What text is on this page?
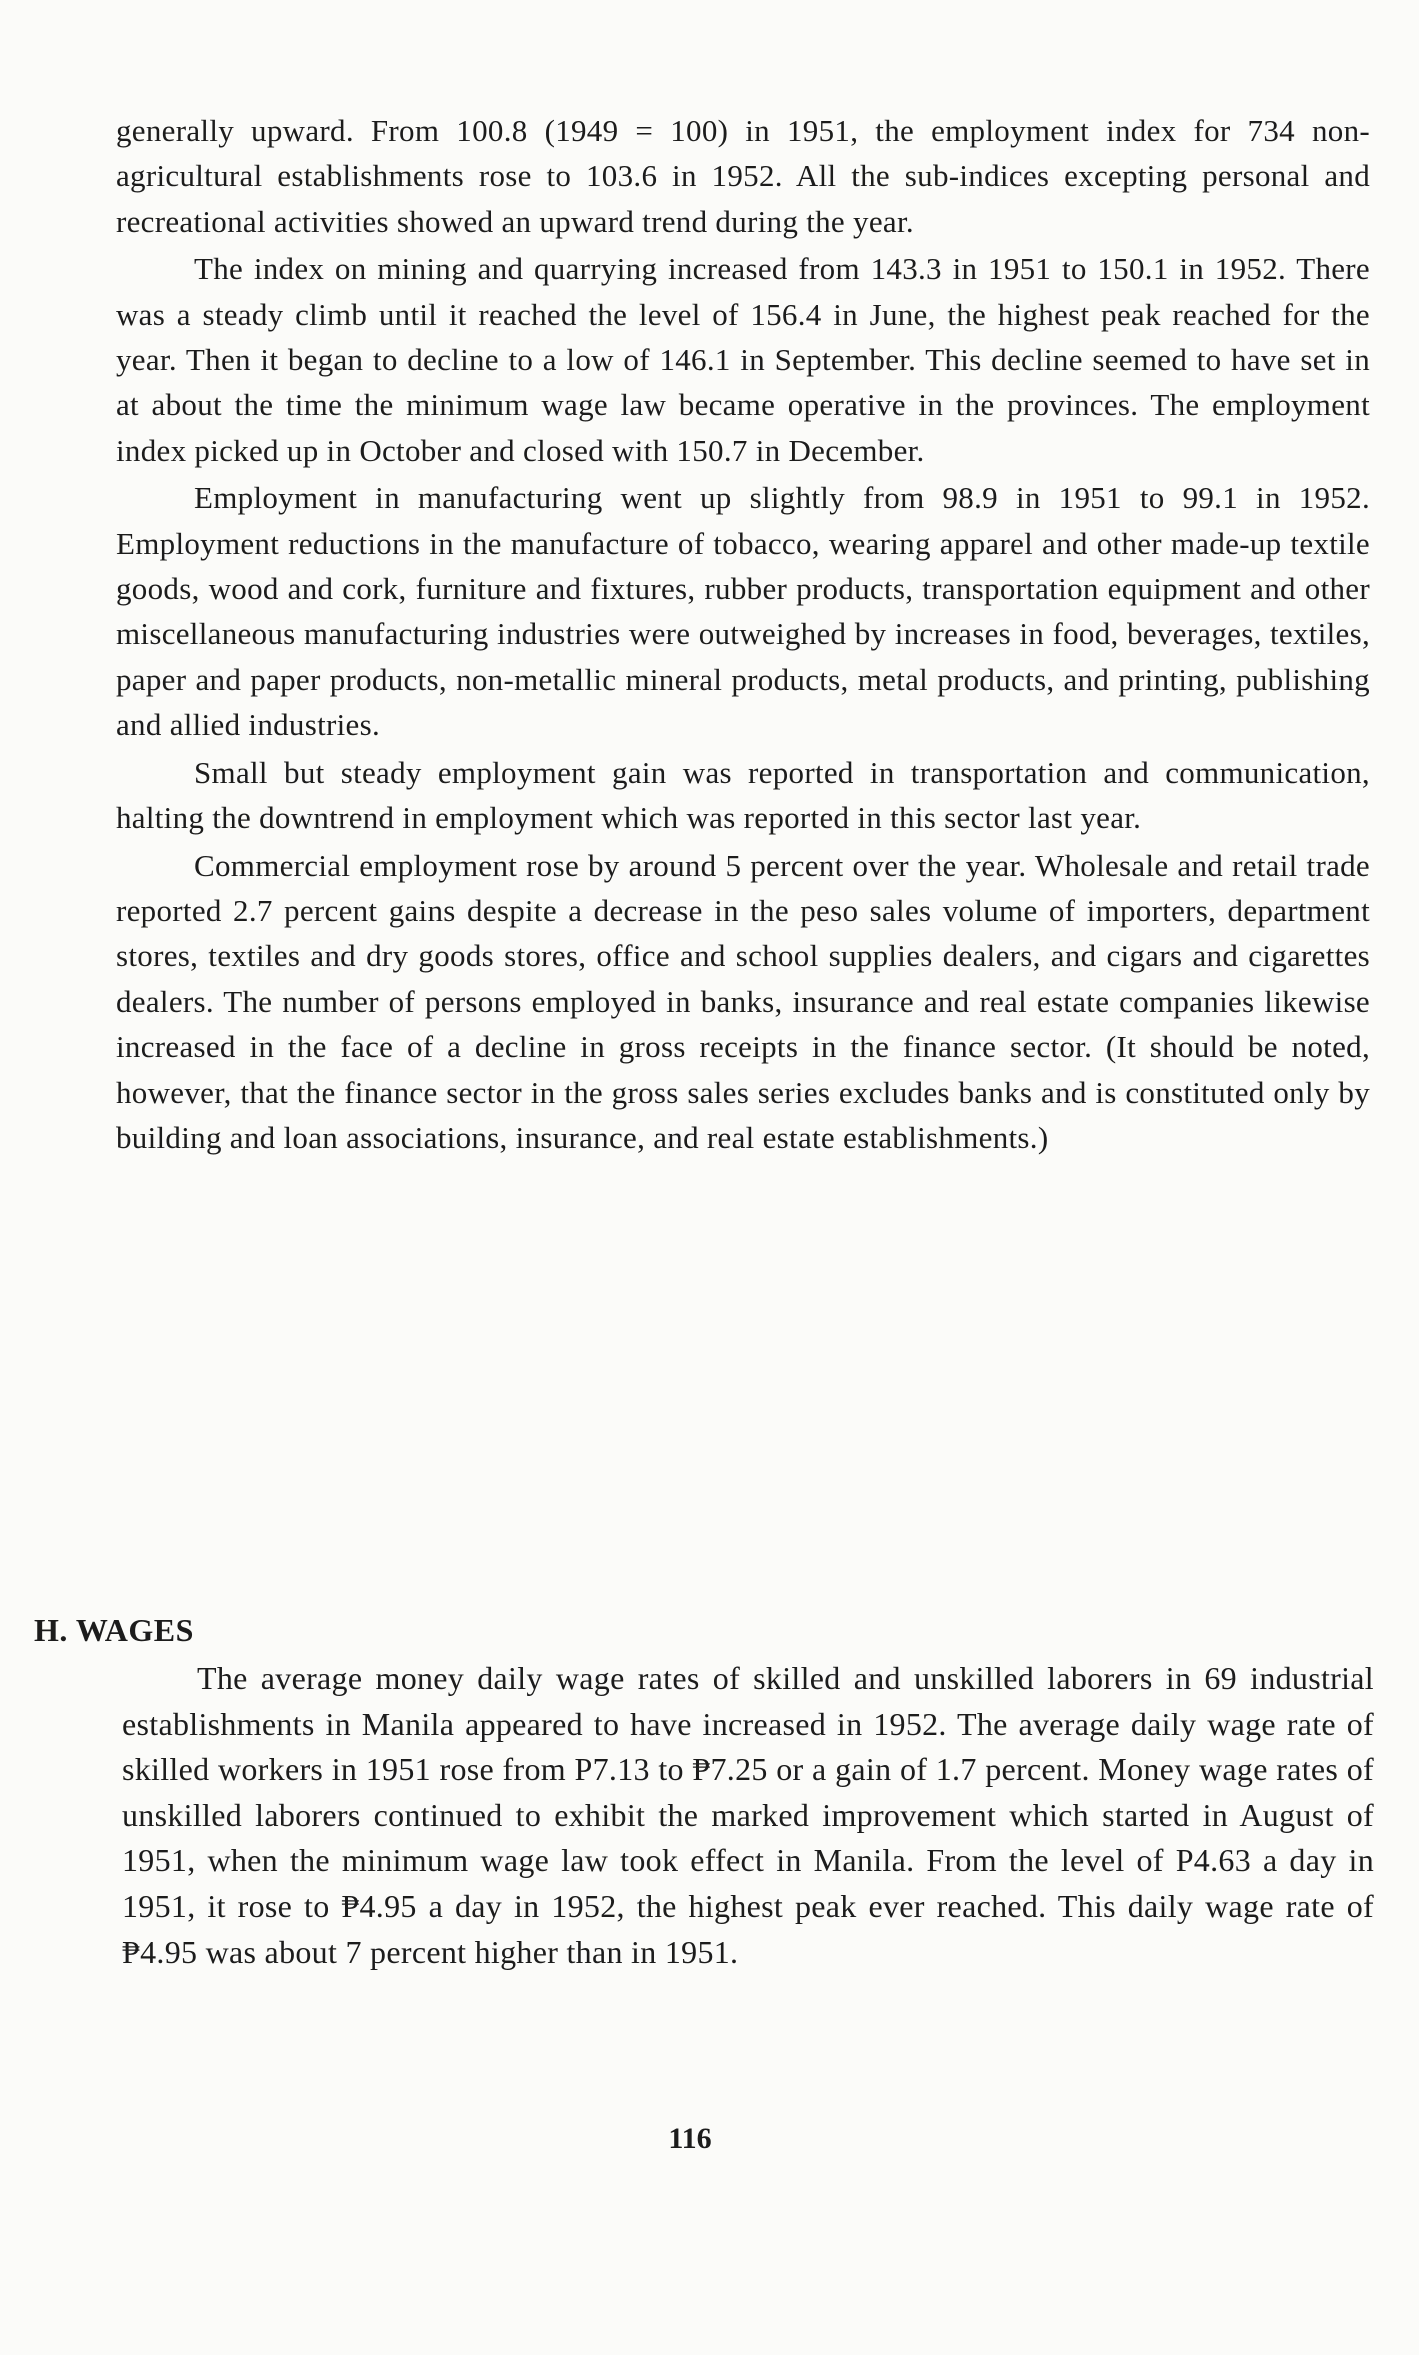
generally upward. From 100.8 (1949 = 100) in 1951, the employment index for 734 non-agricultural establishments rose to 103.6 in 1952. All the sub-indices excepting personal and recreational activities showed an upward trend during the year.

The index on mining and quarrying increased from 143.3 in 1951 to 150.1 in 1952. There was a steady climb until it reached the level of 156.4 in June, the highest peak reached for the year. Then it began to decline to a low of 146.1 in September. This decline seemed to have set in at about the time the minimum wage law became operative in the provinces. The employment index picked up in October and closed with 150.7 in December.

Employment in manufacturing went up slightly from 98.9 in 1951 to 99.1 in 1952. Employment reductions in the manufacture of tobacco, wearing apparel and other made-up textile goods, wood and cork, furniture and fixtures, rubber products, transportation equipment and other miscellaneous manufacturing industries were outweighed by increases in food, beverages, textiles, paper and paper products, non-metallic mineral products, metal products, and printing, publishing and allied industries.

Small but steady employment gain was reported in transportation and communication, halting the downtrend in employment which was reported in this sector last year.

Commercial employment rose by around 5 percent over the year. Wholesale and retail trade reported 2.7 percent gains despite a decrease in the peso sales volume of importers, department stores, textiles and dry goods stores, office and school supplies dealers, and cigars and cigarettes dealers. The number of persons employed in banks, insurance and real estate companies likewise increased in the face of a decline in gross receipts in the finance sector. (It should be noted, however, that the finance sector in the gross sales series excludes banks and is constituted only by building and loan associations, insurance, and real estate establishments.)

H. WAGES

The average money daily wage rates of skilled and unskilled laborers in 69 industrial establishments in Manila appeared to have increased in 1952. The average daily wage rate of skilled workers in 1951 rose from P7.13 to ₱7.25 or a gain of 1.7 percent. Money wage rates of unskilled laborers continued to exhibit the marked improvement which started in August of 1951, when the minimum wage law took effect in Manila. From the level of P4.63 a day in 1951, it rose to ₱4.95 a day in 1952, the highest peak ever reached. This daily wage rate of ₱4.95 was about 7 percent higher than in 1951.

116
